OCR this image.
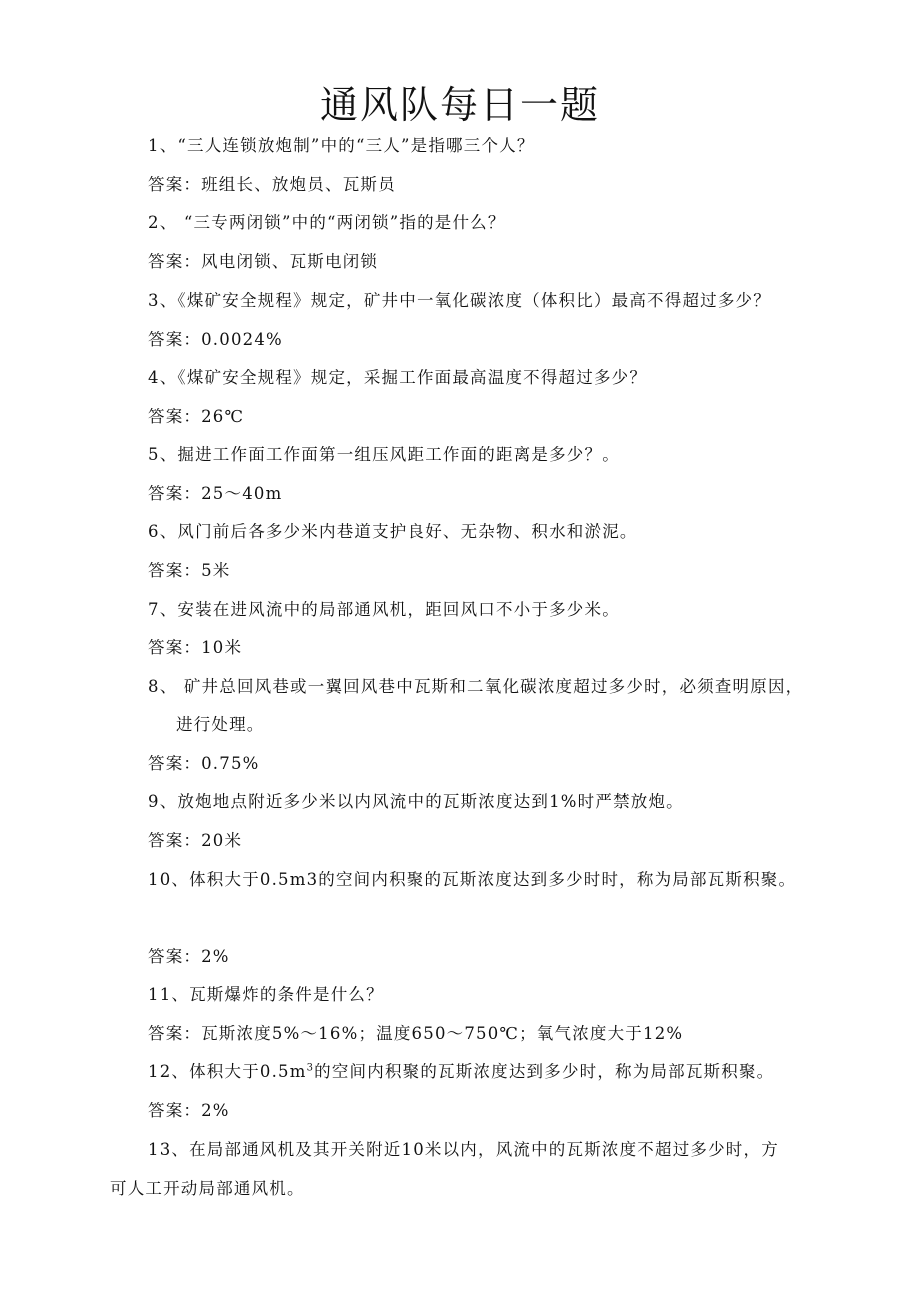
通风队每日一题
1、“三人连锁放炮制”中的“三人”是指哪三个人？
答案：班组长、放炮员、瓦斯员
2、 “三专两闭锁”中的“两闭锁”指的是什么？
答案：风电闭锁、瓦斯电闭锁
3、《煤矿安全规程》规定，矿井中一氧化碳浓度（体积比）最高不得超过多少？
答案：0.0024%
4、《煤矿安全规程》规定，采掘工作面最高温度不得超过多少？
答案：26℃
5、掘进工作面工作面第一组压风距工作面的距离是多少？。
答案：25～40m
6、风门前后各多少米内巷道支护良好、无杂物、积水和淤泥。
答案：5米
7、安装在进风流中的局部通风机，距回风口不小于多少米。
答案：10米
8、 矿井总回风巷或一翼回风巷中瓦斯和二氧化碳浓度超过多少时，必须查明原因，
进行处理。
答案：0.75%
9、放炮地点附近多少米以内风流中的瓦斯浓度达到1%时严禁放炮。
答案：20米
10、体积大于0.5m3的空间内积聚的瓦斯浓度达到多少时时，称为局部瓦斯积聚。
答案：2%
11、瓦斯爆炸的条件是什么？
答案：瓦斯浓度5%～16%；温度650～750℃；氧气浓度大于12%
12、体积大于$0.5m^3$的空间内积聚的瓦斯浓度达到多少时，称为局部瓦斯积聚。
答案：2%
13、在局部通风机及其开关附近10米以内，风流中的瓦斯浓度不超过多少时，方
可人工开动局部通风机。
